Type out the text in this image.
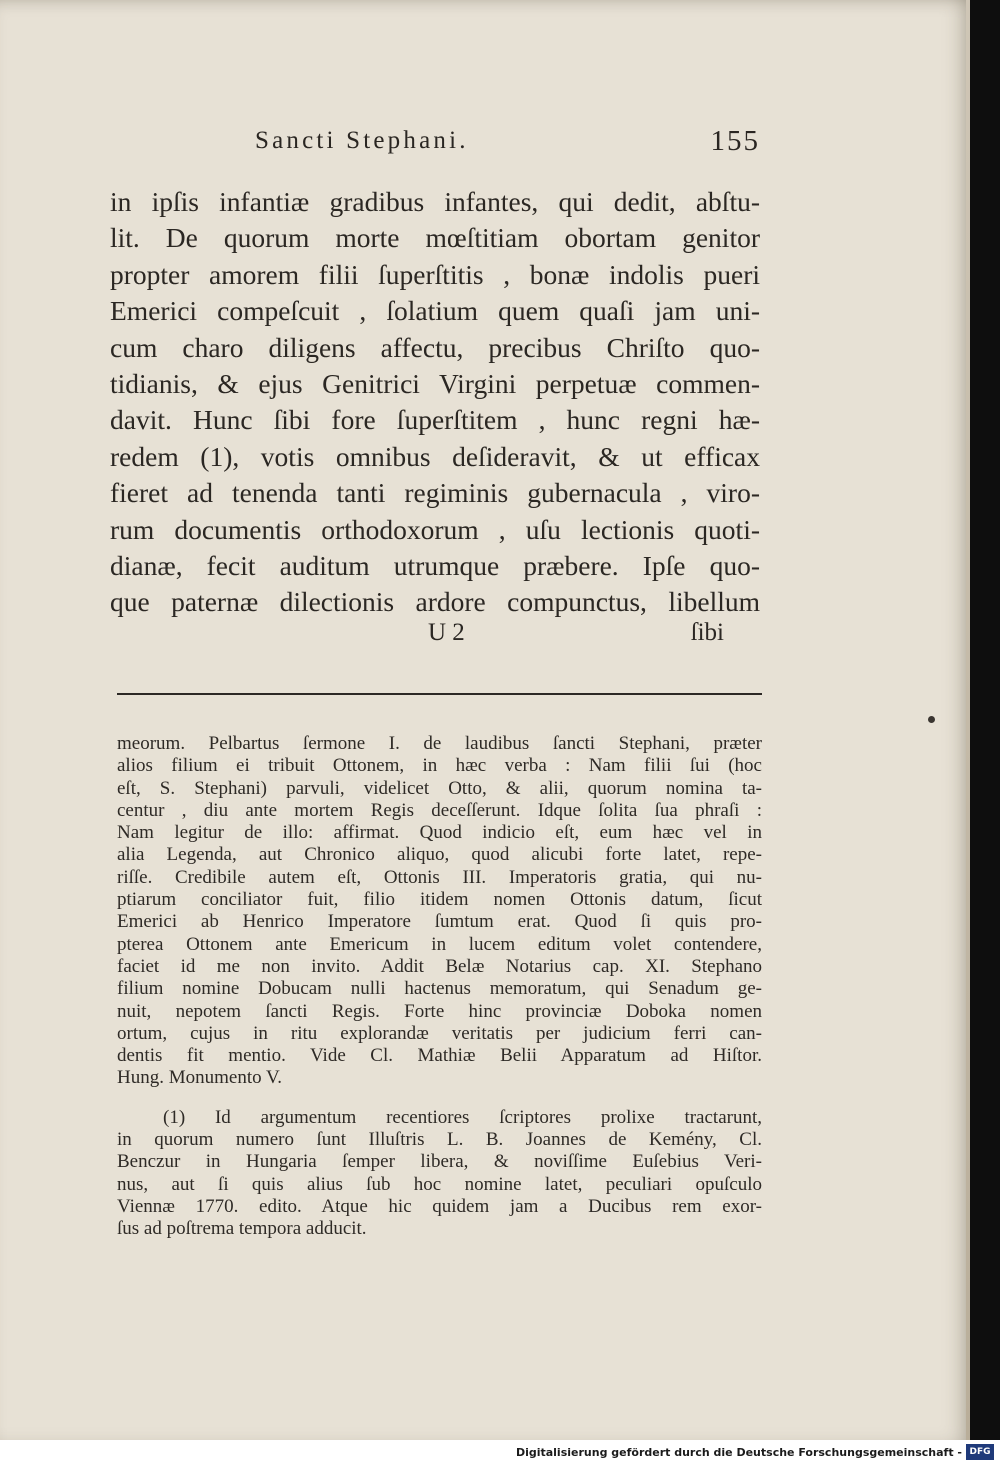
Sancti Stephani.	155
in ipſis infantiæ gradibus infantes, qui dedit, abſtu-
lit. De quorum morte mœſtitiam obortam genitor
propter amorem filii ſuperſtitis , bonæ indolis pueri
Emerici compeſcuit , ſolatium quem quaſi jam uni-
cum charo diligens affectu, precibus Chriſto quo-
tidianis, & ejus Genitrici Virgini perpetuæ commen-
davit. Hunc ſibi fore ſuperſtitem , hunc regni hæ-
redem (1), votis omnibus deſideravit, & ut efficax
fieret ad tenenda tanti regiminis gubernacula , viro-
rum documentis orthodoxorum , uſu lectionis quoti-
dianæ, fecit auditum utrumque præbere. Ipſe quo-
que paternæ dilectionis ardore compunctus, libellum
U 2	ſibi

meorum. Pelbartus ſermone I. de laudibus ſancti Stephani, præter
alios filium ei tribuit Ottonem, in hæc verba : Nam filii ſui (hoc
eſt, S. Stephani) parvuli, videlicet Otto, & alii, quorum nomina ta-
centur , diu ante mortem Regis deceſſerunt. Idque ſolita ſua phraſi :
Nam legitur de illo: affirmat. Quod indicio eſt, eum hæc vel in
alia Legenda, aut Chronico aliquo, quod alicubi forte latet, repe-
riſſe. Credibile autem eſt, Ottonis III. Imperatoris gratia, qui nu-
ptiarum conciliator fuit, filio itidem nomen Ottonis datum, ſicut
Emerici ab Henrico Imperatore ſumtum erat. Quod ſi quis pro-
pterea Ottonem ante Emericum in lucem editum volet contendere,
faciet id me non invito. Addit Belæ Notarius cap. XI. Stephano
filium nomine Dobucam nulli hactenus memoratum, qui Senadum ge-
nuit, nepotem ſancti Regis. Forte hinc provinciæ Doboka nomen
ortum, cujus in ritu explorandæ veritatis per judicium ferri can-
dentis fit mentio. Vide Cl. Mathiæ Belii Apparatum ad Hiſtor.
Hung. Monumento V.
(1) Id argumentum recentiores ſcriptores prolixe tractarunt,
in quorum numero ſunt Illuſtris L. B. Joannes de Kemény, Cl.
Benczur in Hungaria ſemper libera, & noviſſime Euſebius Veri-
nus, aut ſi quis alius ſub hoc nomine latet, peculiari opuſculo
Viennæ 1770. edito. Atque hic quidem jam a Ducibus rem exor-
ſus ad poſtrema tempora adducit.
Digitalisierung gefördert durch die Deutsche Forschungsgemeinschaft - DFG
